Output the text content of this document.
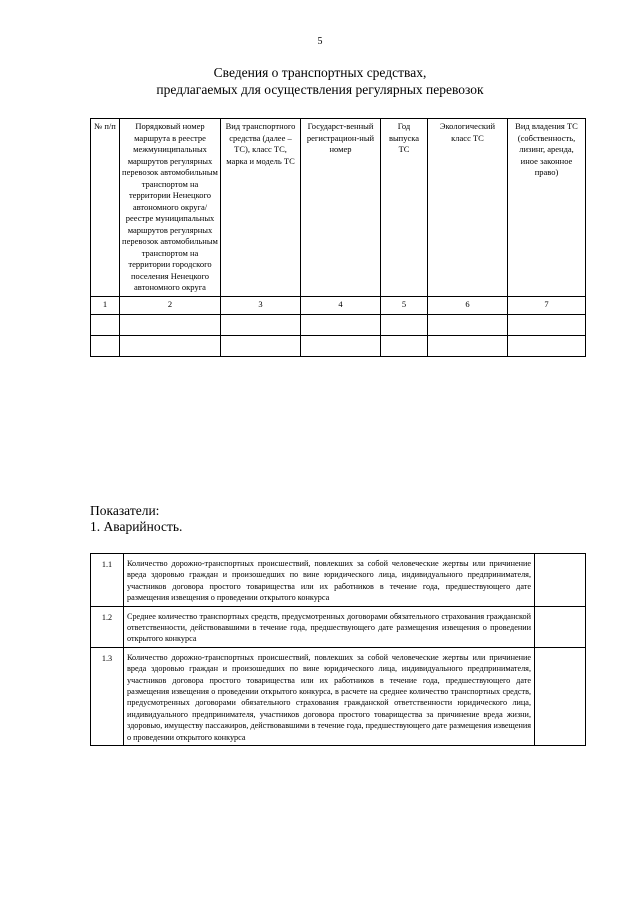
5
Сведения о транспортных средствах,
предлагаемых для осуществления регулярных перевозок
№ п/п	Порядковый номер маршрута в реестре межмуниципальных маршрутов регулярных перевозок автомобильным транспортом на территории Ненецкого автономного округа/реестре муниципальных маршрутов регулярных перевозок автомобильным транспортом на территории городского поселения Ненецкого автономного округа	Вид транспортного средства (далее – ТС), класс ТС, марка и модель ТС	Государст-венный регистрацион-ный номер	Год выпуска ТС	Экологический класс ТС	Вид владения ТС (собственность, лизинг, аренда, иное законное право)
1	2	3	4	5	6	7

Показатели:
1. Аварийность.
1.1	Количество дорожно-транспортных происшествий, повлекших за собой человеческие жертвы или причинение вреда здоровью граждан и произошедших по вине юридического лица, индивидуального предпринимателя, участников договора простого товарищества или их работников в течение года, предшествующего дате размещения извещения о проведении открытого конкурса	
1.2	Среднее количество транспортных средств, предусмотренных договорами обязательного страхования гражданской ответственности, действовавшими в течение года, предшествующего дате размещения извещения о проведении открытого конкурса	
1.3	Количество дорожно-транспортных происшествий, повлекших за собой человеческие жертвы или причинение вреда здоровью граждан и произошедших по вине юридического лица, индивидуального предпринимателя, участников договора простого товарищества или их работников в течение года, предшествующего дате размещения извещения о проведении открытого конкурса, в расчете на среднее количество транспортных средств, предусмотренных договорами обязательного страхования гражданской ответственности юридического лица, индивидуального предпринимателя, участников договора простого товарищества за причинение вреда жизни, здоровью, имуществу пассажиров, действовавшими в течение года, предшествующего дате размещения извещения о проведении открытого конкурса	
